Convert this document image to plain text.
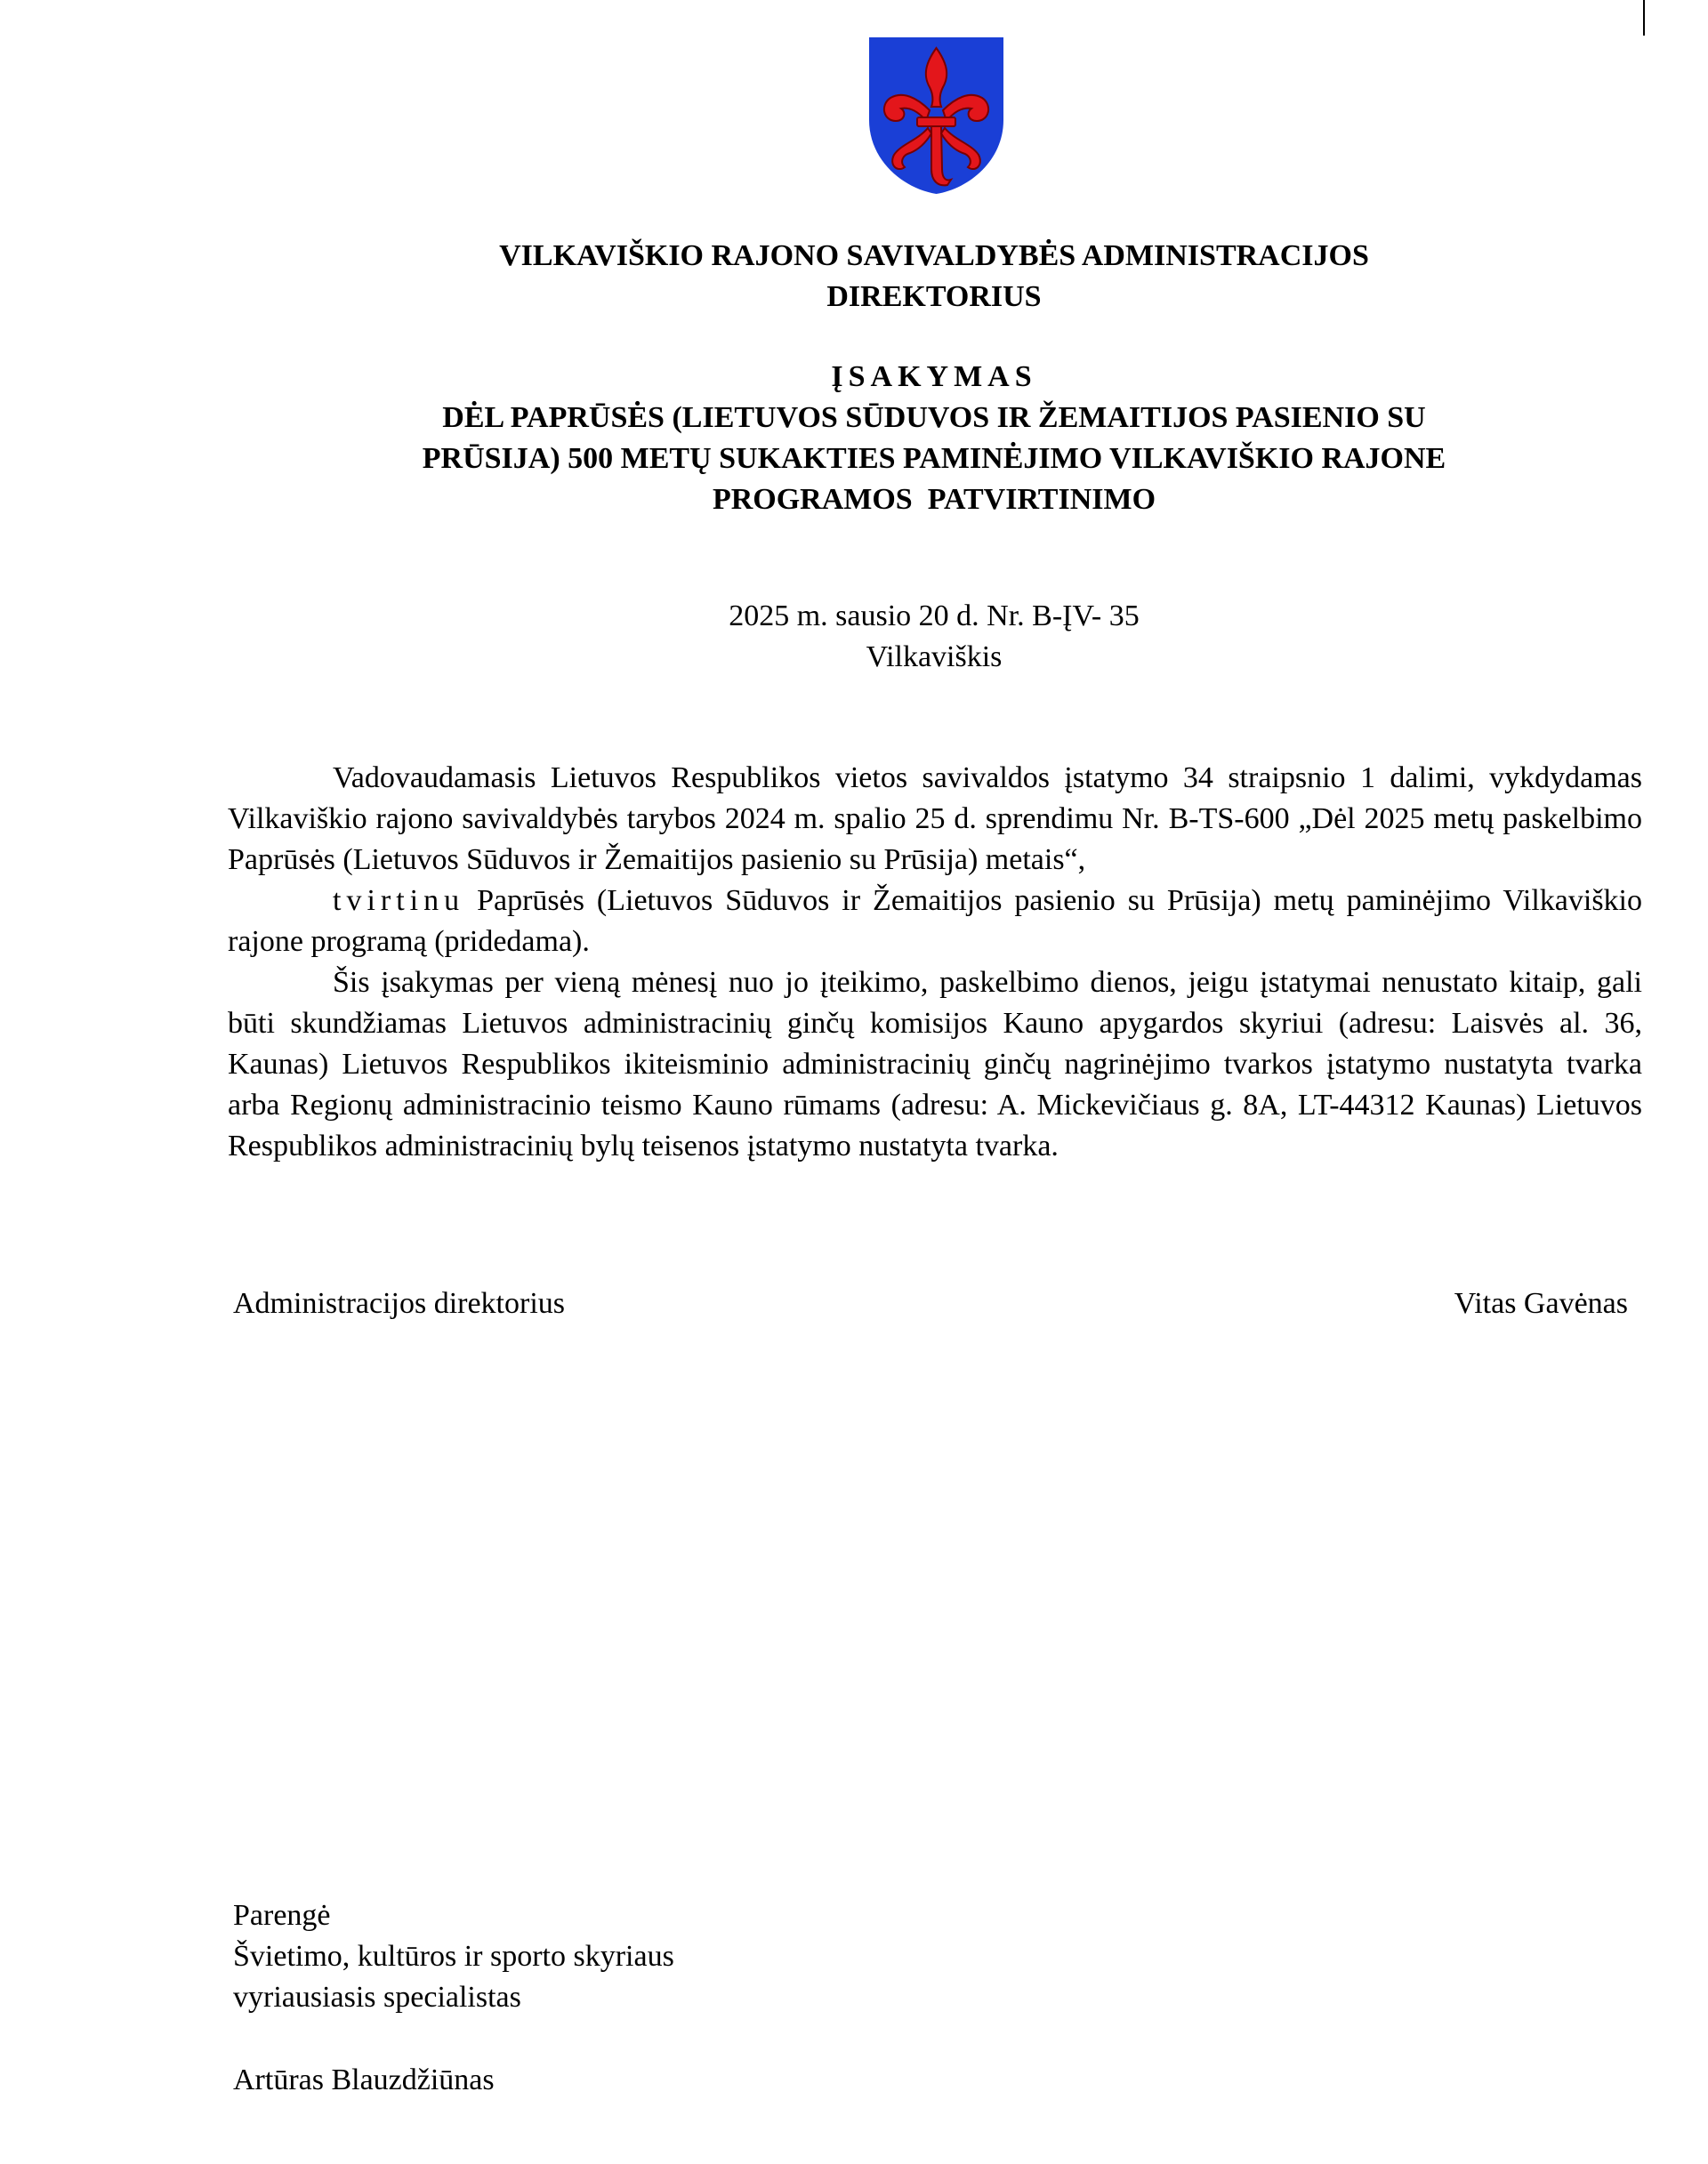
VILKAVIŠKIO RAJONO SAVIVALDYBĖS ADMINISTRACIJOS
DIREKTORIUS
ĮSAKYMAS
DĖL PAPRŪSĖS (LIETUVOS SŪDUVOS IR ŽEMAITIJOS PASIENIO SU
PRŪSIJA) 500 METŲ SUKAKTIES PAMINĖJIMO VILKAVIŠKIO RAJONE
PROGRAMOS  PATVIRTINIMO
2025 m. sausio 20 d. Nr. B-ĮV- 35
Vilkaviškis

Vadovaudamasis Lietuvos Respublikos vietos savivaldos įstatymo 34 straipsnio 1 dalimi, vykdydamas Vilkaviškio rajono savivaldybės tarybos 2024 m. spalio 25 d. sprendimu Nr. B-TS-600 „Dėl 2025 metų paskelbimo Paprūsės (Lietuvos Sūduvos ir Žemaitijos pasienio su Prūsija) metais“,

tvirtinu Paprūsės (Lietuvos Sūduvos ir Žemaitijos pasienio su Prūsija) metų paminėjimo Vilkaviškio rajone programą (pridedama).

Šis įsakymas per vieną mėnesį nuo jo įteikimo, paskelbimo dienos, jeigu įstatymai nenustato kitaip, gali būti skundžiamas Lietuvos administracinių ginčų komisijos Kauno apygardos skyriui (adresu: Laisvės al. 36, Kaunas) Lietuvos Respublikos ikiteisminio administracinių ginčų nagrinėjimo tvarkos įstatymo nustatyta tvarka arba Regionų administracinio teismo Kauno rūmams (adresu: A. Mickevičiaus g. 8A, LT-44312 Kaunas) Lietuvos Respublikos administracinių bylų teisenos įstatymo nustatyta tvarka.

Administracijos direktorius	Vitas Gavėnas
Parengė
Švietimo, kultūros ir sporto skyriaus
vyriausiasis specialistas
Artūras Blauzdžiūnas
